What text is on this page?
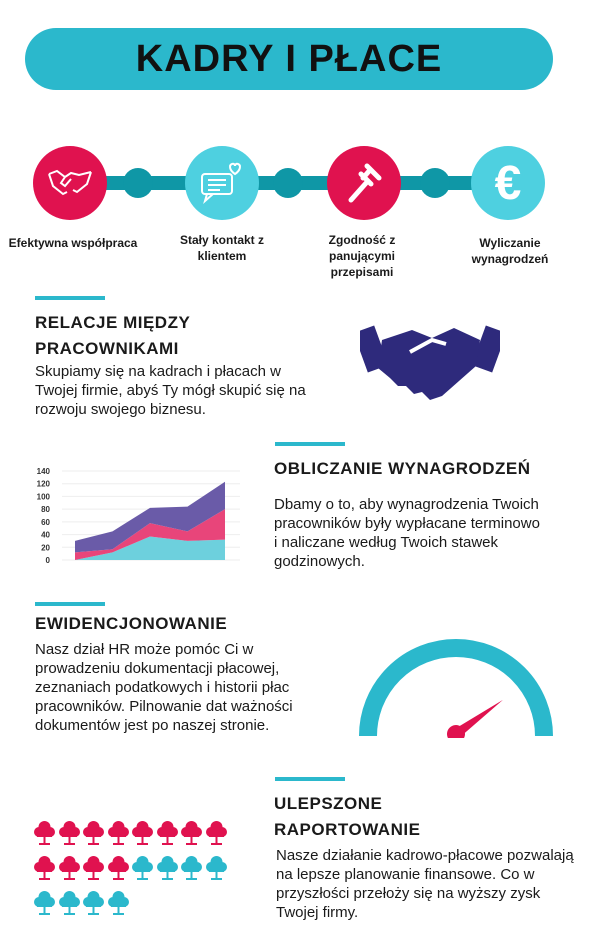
KADRY I PŁACE
€
Efektywna współpraca	Stały kontakt z klientem
Zgodność z panującymi przepisami
Wyliczanie wynagrodzeń
RELACJE MIĘDZY PRACOWNIKAMI
Skupiamy się na kadrach i płacach w Twojej firmie, abyś Ty mógł skupić się na rozwoju swojego biznesu.
OBLICZANIE WYNAGRODZEŃ
Dbamy o to, aby wynagrodzenia Twoich pracowników były wypłacane terminowo i naliczane według Twoich stawek godzinowych.
0
20
40
60
80
100
120
140
EWIDENCJONOWANIE
Nasz dział HR może pomóc Ci w prowadzeniu dokumentacji płacowej, zeznaniach podatkowych i historii płac pracowników. Pilnowanie dat ważności dokumentów jest po naszej stronie.
ULEPSZONE RAPORTOWANIE
Nasze działanie kadrowo-płacowe pozwalają na lepsze planowanie finansowe. Co w przyszłości przełoży się na wyższy zysk Twojej firmy.
